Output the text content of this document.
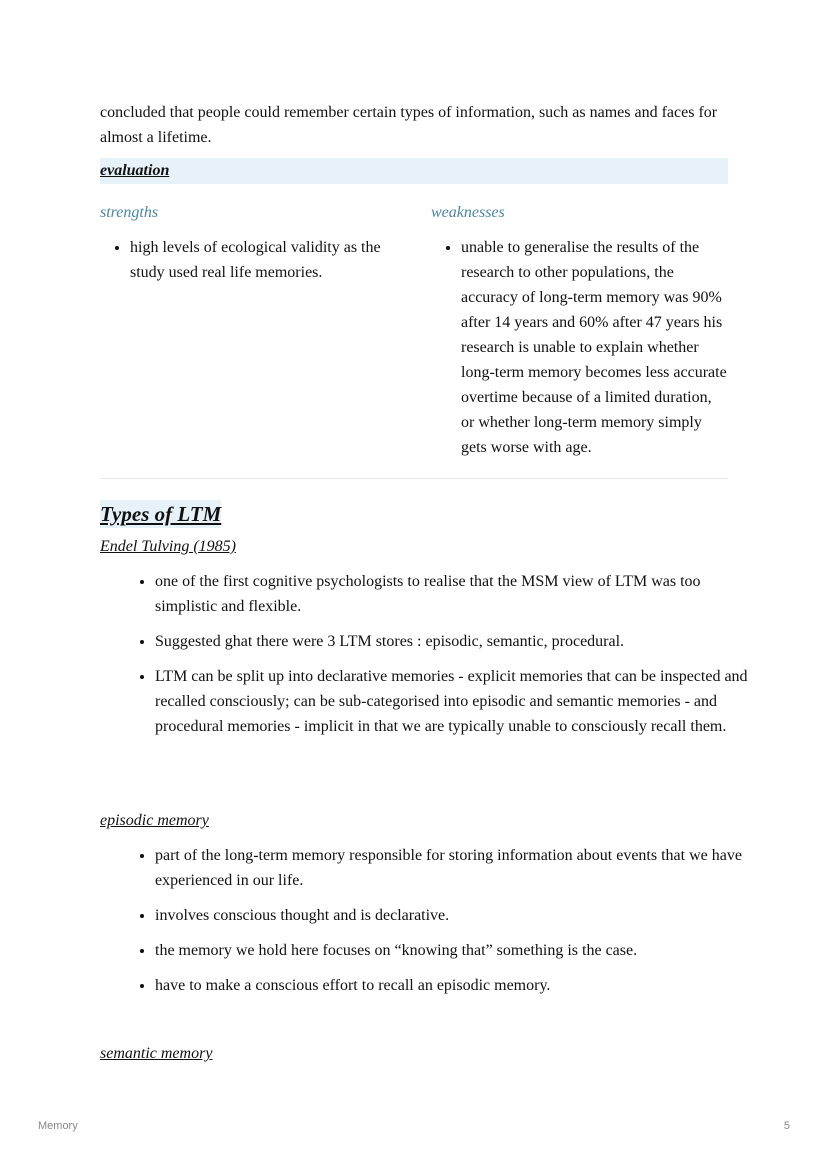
concluded that people could remember certain types of information, such as names and faces for almost a lifetime.

evaluation

strengths

• high levels of ecological validity as the study used real life memories.

weaknesses

• unable to generalise the results of the research to other populations, the accuracy of long-term memory was 90% after 14 years and 60% after 47 years his research is unable to explain whether long-term memory becomes less accurate overtime because of a limited duration, or whether long-term memory simply gets worse with age.
Types of LTM

Endel Tulving (1985)

• one of the first cognitive psychologists to realise that the MSM view of LTM was too simplistic and flexible.
• Suggested ghat there were 3 LTM stores : episodic, semantic, procedural.
• LTM can be split up into declarative memories - explicit memories that can be inspected and recalled consciously; can be sub-categorised into episodic and semantic memories - and procedural memories - implicit in that we are typically unable to consciously recall them.

episodic memory

• part of the long-term memory responsible for storing information about events that we have experienced in our life.
• involves conscious thought and is declarative.
• the memory we hold here focuses on “knowing that” something is the case.
• have to make a conscious effort to recall an episodic memory.

semantic memory

Memory	5
